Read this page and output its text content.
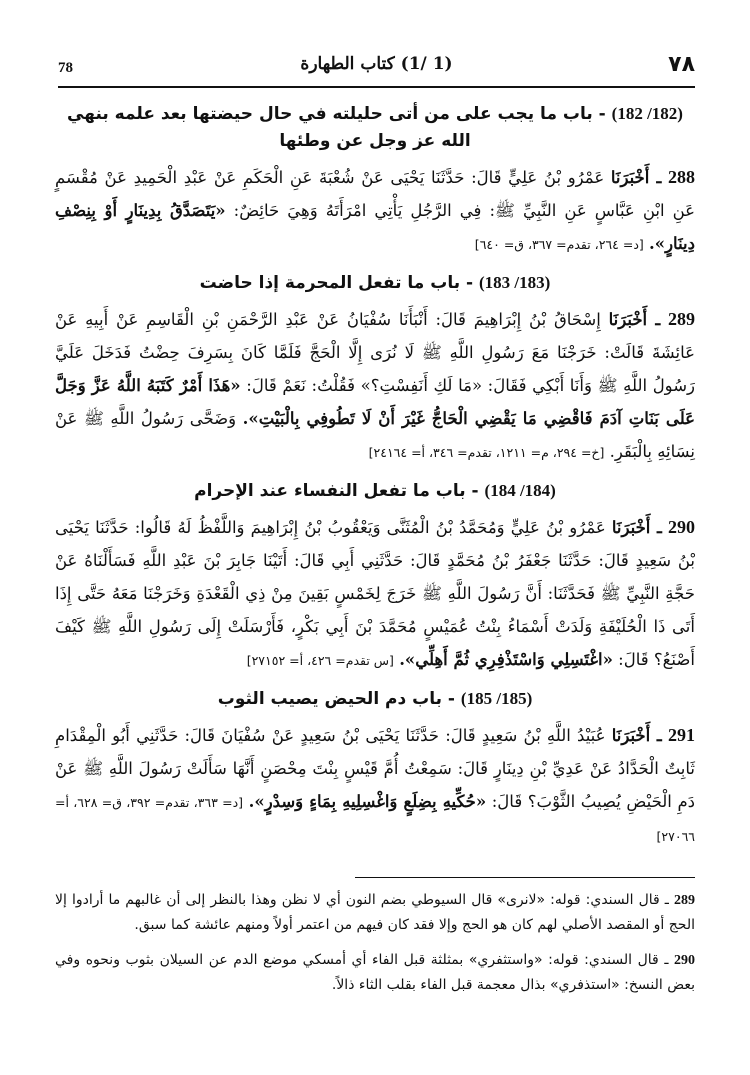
٧٨
(1 /1) كتاب الطهارة
78
(182/ 182) - باب ما يجب على من أتى حليلته في حال حيضتها بعد علمه بنهي الله عز وجل عن وطئها

288 ـ أَخْبَرَنَا عَمْرُو بْنُ عَلِيٍّ قَالَ: حَدَّثَنَا يَحْيَى عَنْ شُعْبَةَ عَنِ الْحَكَمِ عَنْ عَبْدِ الْحَمِيدِ عَنْ مُقْسَمٍ عَنِ ابْنِ عَبَّاسٍ عَنِ النَّبِيِّ ﷺ: فِي الرَّجُلِ يَأْتِي امْرَأَتَهُ وَهِيَ حَائِضٌ: «يَتَصَدَّقُ بِدِينَارٍ أَوْ بِنِصْفِ دِينَارٍ». [د= ٢٦٤، تقدم= ٣٦٧، ق= ٦٤٠]

(183/ 183) - باب ما تفعل المحرمة إذا حاضت

289 ـ أَخْبَرَنَا إِسْحَاقُ بْنُ إِبْرَاهِيمَ قَالَ: أَنْبَأَنَا سُفْيَانُ عَنْ عَبْدِ الرَّحْمَنِ بْنِ الْقَاسِمِ عَنْ أَبِيهِ عَنْ عَائِشَةَ قَالَتْ: خَرَجْنَا مَعَ رَسُولِ اللَّهِ ﷺ لَا نُرَى إِلَّا الْحَجَّ فَلَمَّا كَانَ بِسَرِفَ حِضْتُ فَدَخَلَ عَلَيَّ رَسُولُ اللَّهِ ﷺ وَأَنَا أَبْكِي فَقَالَ: «مَا لَكِ أَنَفِسْتِ؟» فَقُلْتُ: نَعَمْ قَالَ: «هَذَا أَمْرٌ كَتَبَهُ اللَّهُ عَزَّ وَجَلَّ عَلَى بَنَاتِ آدَمَ فَاقْضِي مَا يَقْضِي الْحَاجُّ غَيْرَ أَنْ لَا تَطُوفِي بِالْبَيْتِ». وَضَحَّى رَسُولُ اللَّهِ ﷺ عَنْ نِسَائِهِ بِالْبَقَرِ. [خ= ٢٩٤، م= ١٢١١، تقدم= ٣٤٦، أ= ٢٤١٦٤]

(184/ 184) - باب ما تفعل النفساء عند الإحرام

290 ـ أَخْبَرَنَا عَمْرُو بْنُ عَلِيٍّ وَمُحَمَّدُ بْنُ الْمُثَنَّى وَيَعْقُوبُ بْنُ إِبْرَاهِيمَ وَاللَّفْظُ لَهُ قَالُوا: حَدَّثَنَا يَحْيَى بْنُ سَعِيدٍ قَالَ: حَدَّثَنَا جَعْفَرُ بْنُ مُحَمَّدٍ قَالَ: حَدَّثَنِي أَبِي قَالَ: أَتَيْنَا جَابِرَ بْنَ عَبْدِ اللَّهِ فَسَأَلْنَاهُ عَنْ حَجَّةِ النَّبِيِّ ﷺ فَحَدَّثَنَا: أَنَّ رَسُولَ اللَّهِ ﷺ خَرَجَ لِخَمْسٍ بَقِينَ مِنْ ذِي الْقَعْدَةِ وَخَرَجْنَا مَعَهُ حَتَّى إِذَا أَتَى ذَا الْحُلَيْفَةِ وَلَدَتْ أَسْمَاءُ بِنْتُ عُمَيْسٍ مُحَمَّدَ بْنَ أَبِي بَكْرٍ، فَأَرْسَلَتْ إِلَى رَسُولِ اللَّهِ ﷺ كَيْفَ أَصْنَعُ؟ قَالَ: «اغْتَسِلِي وَاسْتَذْفِرِي ثُمَّ أَهِلِّي». [س تقدم= ٤٢٦، أ= ٢٧١٥٢]

(185/ 185) - باب دم الحيض يصيب الثوب

291 ـ أَخْبَرَنَا عُبَيْدُ اللَّهِ بْنُ سَعِيدٍ قَالَ: حَدَّثَنَا يَحْيَى بْنُ سَعِيدٍ عَنْ سُفْيَانَ قَالَ: حَدَّثَنِي أَبُو الْمِقْدَامِ ثَابِتٌ الْحَدَّادُ عَنْ عَدِيِّ بْنِ دِينَارٍ قَالَ: سَمِعْتُ أُمَّ قَيْسٍ بِنْتَ مِحْصَنٍ أَنَّهَا سَأَلَتْ رَسُولَ اللَّهِ ﷺ عَنْ دَمِ الْحَيْضِ يُصِيبُ الثَّوْبَ؟ قَالَ: «حُكِّيهِ بِضِلَعٍ وَاغْسِلِيهِ بِمَاءٍ وَسِدْرٍ». [د= ٣٦٣، تقدم= ٣٩٢، ق= ٦٢٨، أ= ٢٧٠٦٦]

289 ـ قال السندي: قوله: «لانرى» قال السيوطي بضم النون أي لا نظن وهذا بالنظر إلى أن غالبهم ما أرادوا إلا الحج أو المقصد الأصلي لهم كان هو الحج وإلا فقد كان فيهم من اعتمر أولاً ومنهم عائشة كما سبق.

290 ـ قال السندي: قوله: «واستثفري» بمثلثة قبل الفاء أي أمسكي موضع الدم عن السيلان بثوب ونحوه وفي بعض النسخ: «استذفري» بذال معجمة قبل الفاء بقلب الثاء ذالاً.
